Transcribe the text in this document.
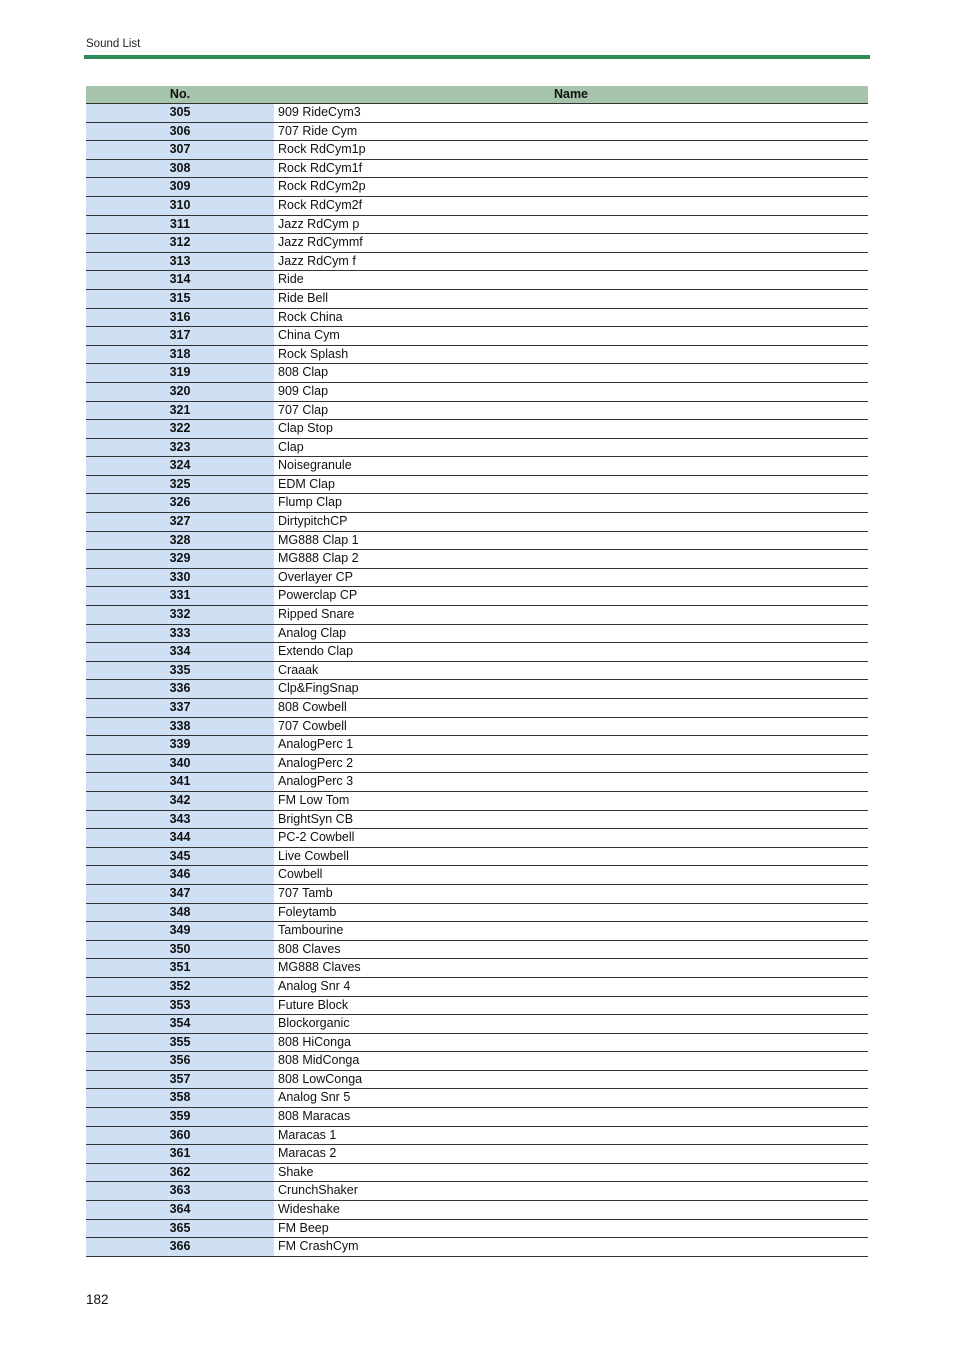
Sound List
No.	Name
305	909 RideCym3
306	707 Ride Cym
307	Rock RdCym1p
308	Rock RdCym1f
309	Rock RdCym2p
310	Rock RdCym2f
311	Jazz RdCym p
312	Jazz RdCymmf
313	Jazz RdCym f
314	Ride
315	Ride Bell
316	Rock China
317	China Cym
318	Rock Splash
319	808 Clap
320	909 Clap
321	707 Clap
322	Clap Stop
323	Clap
324	Noisegranule
325	EDM Clap
326	Flump Clap
327	DirtypitchCP
328	MG888 Clap 1
329	MG888 Clap 2
330	Overlayer CP
331	Powerclap CP
332	Ripped Snare
333	Analog Clap
334	Extendo Clap
335	Craaak
336	Clp&FingSnap
337	808 Cowbell
338	707 Cowbell
339	AnalogPerc 1
340	AnalogPerc 2
341	AnalogPerc 3
342	FM Low Tom
343	BrightSyn CB
344	PC-2 Cowbell
345	Live Cowbell
346	Cowbell
347	707 Tamb
348	Foleytamb
349	Tambourine
350	808 Claves
351	MG888 Claves
352	Analog Snr 4
353	Future Block
354	Blockorganic
355	808 HiConga
356	808 MidConga
357	808 LowConga
358	Analog Snr 5
359	808 Maracas
360	Maracas 1
361	Maracas 2
362	Shake
363	CrunchShaker
364	Wideshake
365	FM Beep
366	FM CrashCym
182
